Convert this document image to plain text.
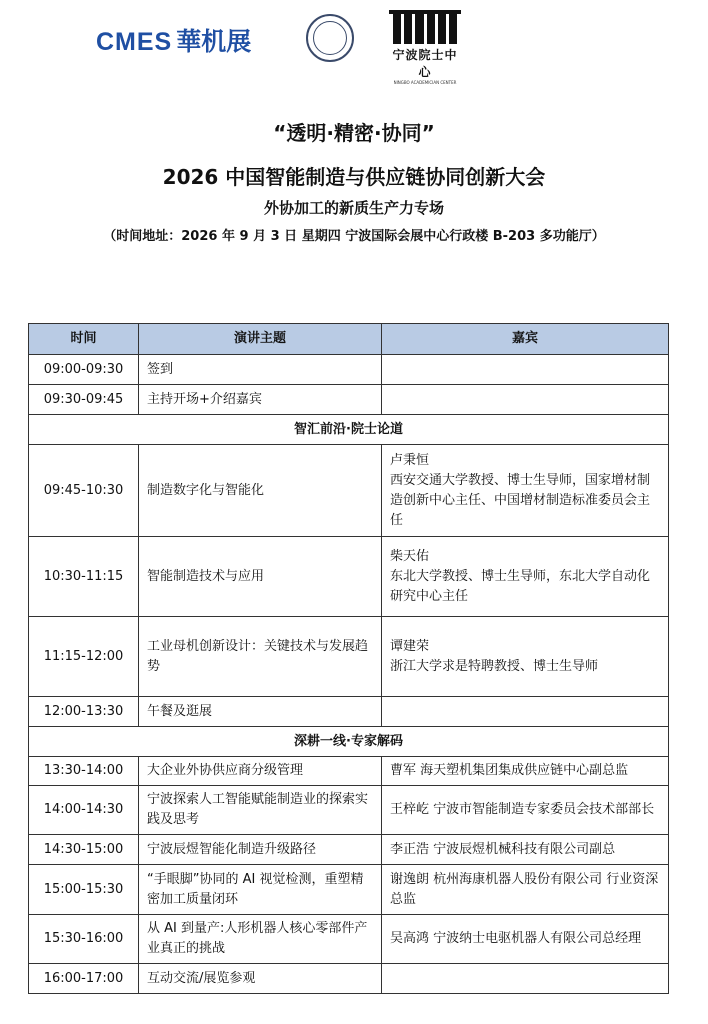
CMES 華机展	宁波院士中心
NINGBO ACADEMICIAN CENTER
“透明·精密·协同”
2026 中国智能制造与供应链协同创新大会
外协加工的新质生产力专场
（时间地址：2026 年 9 月 3 日 星期四 宁波国际会展中心行政楼 B-203 多功能厅）
时间	演讲主题	嘉宾
09:00-09:30	签到	
09:30-09:45	主持开场+介绍嘉宾	
智汇前沿·院士论道		
09:45-10:30	制造数字化与智能化	卢秉恒
西安交通大学教授、博士生导师，国家增材制造创新中心主任、中国增材制造标准委员会主任

10:30-11:15	智能制造技术与应用	柴天佑
东北大学教授、博士生导师，东北大学自动化研究中心主任

11:15-12:00	工业母机创新设计：关键技术与发展趋势	谭建荣
浙江大学求是特聘教授、博士生导师

12:00-13:30	午餐及逛展	
深耕一线·专家解码		
13:30-14:00	大企业外协供应商分级管理	曹军 海天塑机集团集成供应链中心副总监
14:00-14:30	宁波探索人工智能赋能制造业的探索实践及思考	王梓屹 宁波市智能制造专家委员会技术部部长
14:30-15:00	宁波辰煜智能化制造升级路径	李正浩 宁波辰煜机械科技有限公司副总
15:00-15:30	“手眼脚”协同的 AI 视觉检测，重塑精密加工质量闭环	谢逸朗 杭州海康机器人股份有限公司 行业资深总监
15:30-16:00	从 AI 到量产:人形机器人核心零部件产业真正的挑战	吴高鸿 宁波纳士电驱机器人有限公司总经理
16:00-17:00	互动交流/展览参观	
